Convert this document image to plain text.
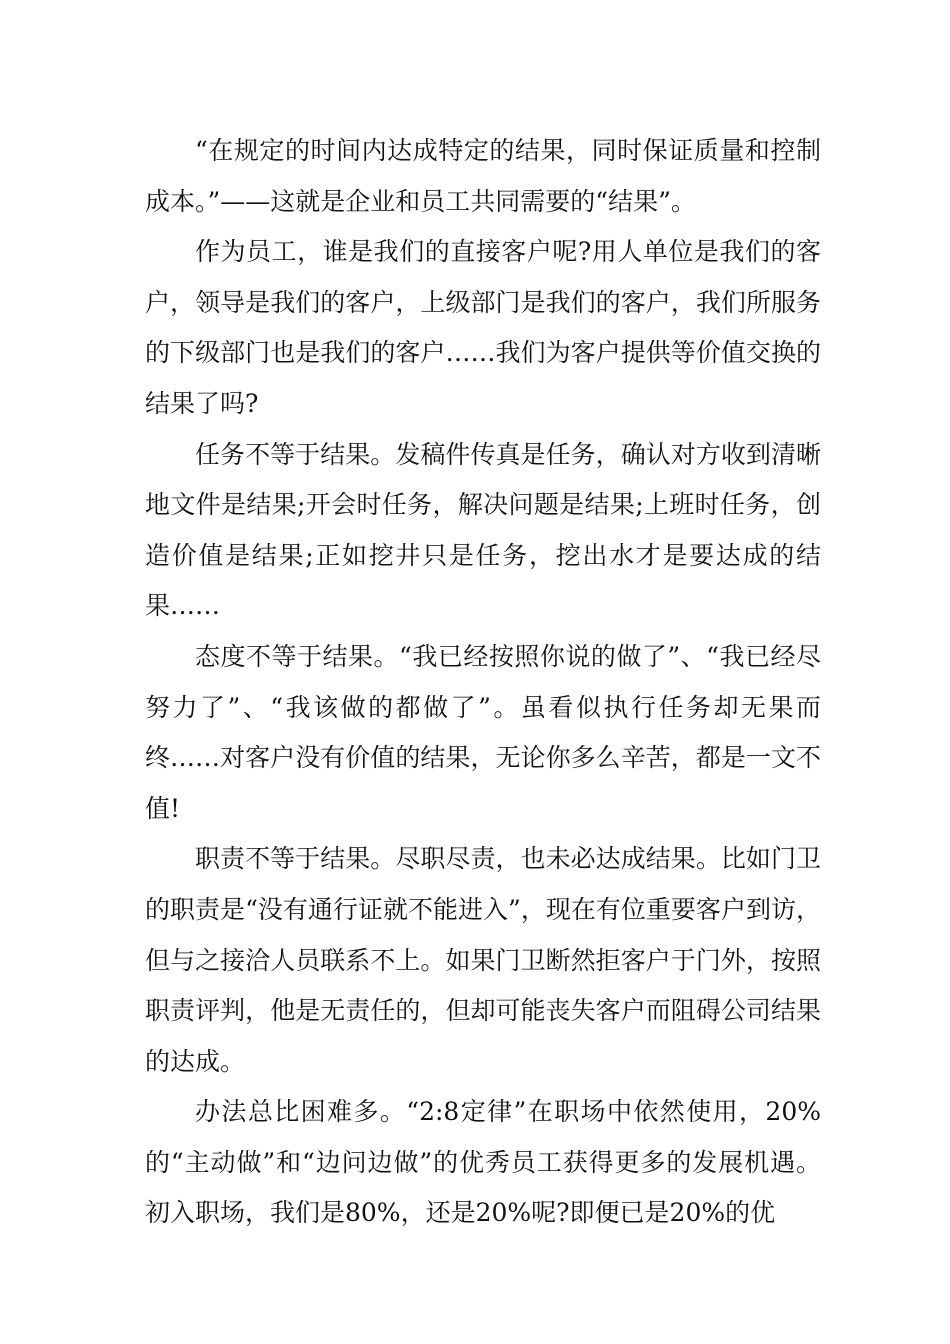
“在规定的时间内达成特定的结果，同时保证质量和控制成本。”——这就是企业和员工共同需要的“结果”。

作为员工，谁是我们的直接客户呢?用人单位是我们的客户，领导是我们的客户，上级部门是我们的客户，我们所服务的下级部门也是我们的客户……我们为客户提供等价值交换的结果了吗?

任务不等于结果。发稿件传真是任务，确认对方收到清晰地文件是结果;开会时任务，解决问题是结果;上班时任务，创造价值是结果;正如挖井只是任务，挖出水才是要达成的结果……

态度不等于结果。“我已经按照你说的做了”、“我已经尽努力了”、“我该做的都做了”。虽看似执行任务却无果而终……对客户没有价值的结果，无论你多么辛苦，都是一文不值!

职责不等于结果。尽职尽责，也未必达成结果。比如门卫的职责是“没有通行证就不能进入”，现在有位重要客户到访，但与之接洽人员联系不上。如果门卫断然拒客户于门外，按照职责评判，他是无责任的，但却可能丧失客户而阻碍公司结果的达成。

办法总比困难多。“2:8定律”在职场中依然使用，20%的“主动做”和“边问边做”的优秀员工获得更多的发展机遇。初入职场，我们是80%，还是20%呢?即便已是20%的优
